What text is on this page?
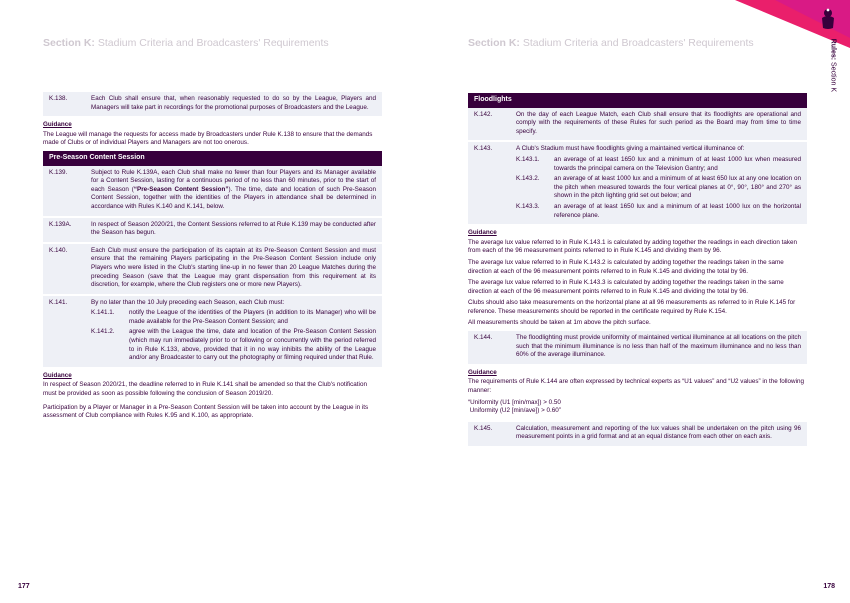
Section K: Stadium Criteria and Broadcasters' Requirements
K.138.	Each Club shall ensure that, when reasonably requested to do so by the League, Players and Managers will take part in recordings for the promotional purposes of Broadcasters and the League.
Guidance
The League will manage the requests for access made by Broadcasters under Rule K.138 to ensure that the demands made of Clubs or of individual Players and Managers are not too onerous.
Pre-Season Content Session
K.139.	Subject to Rule K.139A, each Club shall make no fewer than four Players and its Manager available for a Content Session, lasting for a continuous period of no less than 60 minutes, prior to the start of each Season (“Pre-Season Content Session”). The time, date and location of such Pre-Season Content Session, together with the identities of the Players in attendance shall be determined in accordance with Rules K.140 and K.141, below.
K.139A.	In respect of Season 2020/21, the Content Sessions referred to at Rule K.139 may be conducted after the Season has begun.
K.140.	Each Club must ensure the participation of its captain at its Pre-Season Content Session and must ensure that the remaining Players participating in the Pre-Season Content Session include only Players who were listed in the Club's starting line-up in no fewer than 20 League Matches during the preceding Season (save that the League may grant dispensation from this requirement at its discretion, for example, where the Club registers one or more new Players).
K.141.	By no later than the 10 July preceding each Season, each Club must:
K.141.1.	notify the League of the identities of the Players (in addition to its Manager) who will be made available for the Pre-Season Content Session; and
K.141.2.	agree with the League the time, date and location of the Pre-Season Content Session (which may run immediately prior to or following or concurrently with the period referred to in Rule K.133, above, provided that it in no way inhibits the ability of the League and/or any Broadcaster to carry out the photography or filming required under that Rule.
Guidance
In respect of Season 2020/21, the deadline referred to in Rule K.141 shall be amended so that the Club's notification must be provided as soon as possible following the conclusion of Season 2019/20.
Participation by a Player or Manager in a Pre-Season Content Session will be taken into account by the League in its assessment of Club compliance with Rules K.95 and K.100, as appropriate.
177
Section K: Stadium Criteria and Broadcasters' Requirements	Rules: Section K
Floodlights
K.142.	On the day of each League Match, each Club shall ensure that its floodlights are operational and comply with the requirements of these Rules for such period as the Board may from time to time specify.
K.143.	A Club's Stadium must have floodlights giving a maintained vertical illuminance of:
K.143.1.	an average of at least 1650 lux and a minimum of at least 1000 lux when measured towards the principal camera on the Television Gantry; and
K.143.2.	an average of at least 1000 lux and a minimum of at least 650 lux at any one location on the pitch when measured towards the four vertical planes at 0°, 90°, 180° and 270° as shown in the pitch lighting grid set out below; and
K.143.3.	an average of at least 1650 lux and a minimum of at least 1000 lux on the horizontal reference plane.
Guidance
The average lux value referred to in Rule K.143.1 is calculated by adding together the readings in each direction taken from each of the 96 measurement points referred to in Rule K.145 and dividing them by 96.
The average lux value referred to in Rule K.143.2 is calculated by adding together the readings taken in the same direction at each of the 96 measurement points referred to in Rule K.145 and dividing the total by 96.
The average lux value referred to in Rule K.143.3 is calculated by adding together the readings taken in the same direction at each of the 96 measurement points referred to in Rule K.145 and dividing the total by 96.
Clubs should also take measurements on the horizontal plane at all 96 measurements as referred to in Rule K.145 for reference. These measurements should be reported in the certificate required by Rule K.154.
All measurements should be taken at 1m above the pitch surface.
K.144.	The floodlighting must provide uniformity of maintained vertical illuminance at all locations on the pitch such that the minimum illuminance is no less than half of the maximum illuminance and no less than 60% of the average illuminance.
Guidance
The requirements of Rule K.144 are often expressed by technical experts as “U1 values” and “U2 values” in the following manner:
“Uniformity (U1 [min/max]) > 0.50
Uniformity (U2 [min/ave]) > 0.60”
K.145.	Calculation, measurement and reporting of the lux values shall be undertaken on the pitch using 96 measurement points in a grid format and at an equal distance from each other on each axis.
178
